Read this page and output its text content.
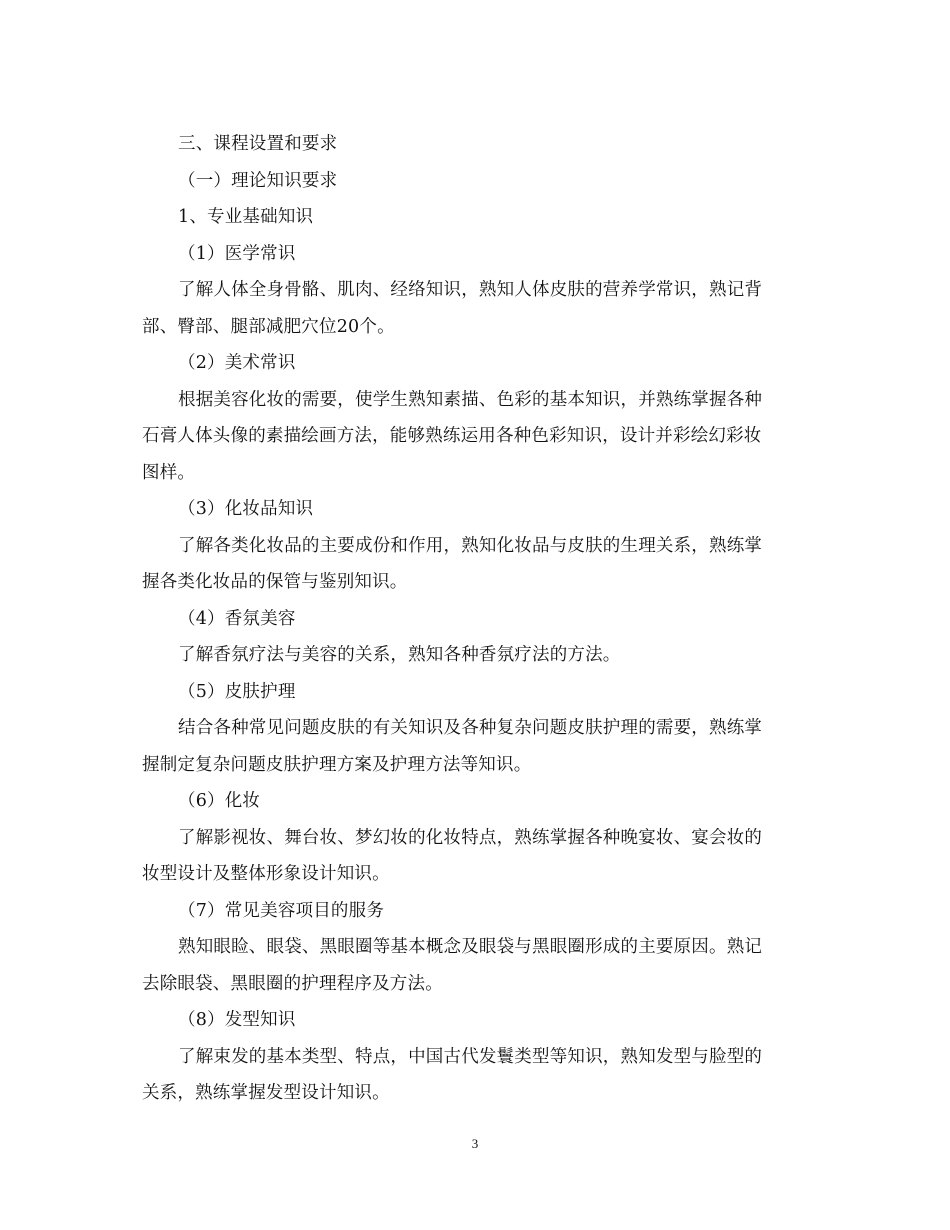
三、课程设置和要求
（一）理论知识要求
1、专业基础知识
（1）医学常识
了解人体全身骨骼、肌肉、经络知识，熟知人体皮肤的营养学常识，熟记背
部、臀部、腿部减肥穴位20个。
（2）美术常识
根据美容化妆的需要，使学生熟知素描、色彩的基本知识，并熟练掌握各种
石膏人体头像的素描绘画方法，能够熟练运用各种色彩知识，设计并彩绘幻彩妆
图样。
（3）化妆品知识
了解各类化妆品的主要成份和作用，熟知化妆品与皮肤的生理关系，熟练掌
握各类化妆品的保管与鉴别知识。
（4）香氛美容
了解香氛疗法与美容的关系，熟知各种香氛疗法的方法。
（5）皮肤护理
结合各种常见问题皮肤的有关知识及各种复杂问题皮肤护理的需要，熟练掌
握制定复杂问题皮肤护理方案及护理方法等知识。
（6）化妆
了解影视妆、舞台妆、梦幻妆的化妆特点，熟练掌握各种晚宴妆、宴会妆的
妆型设计及整体形象设计知识。
（7）常见美容项目的服务
熟知眼睑、眼袋、黑眼圈等基本概念及眼袋与黑眼圈形成的主要原因。熟记
去除眼袋、黑眼圈的护理程序及方法。
（8）发型知识
了解束发的基本类型、特点，中国古代发鬟类型等知识，熟知发型与脸型的
关系，熟练掌握发型设计知识。
3
